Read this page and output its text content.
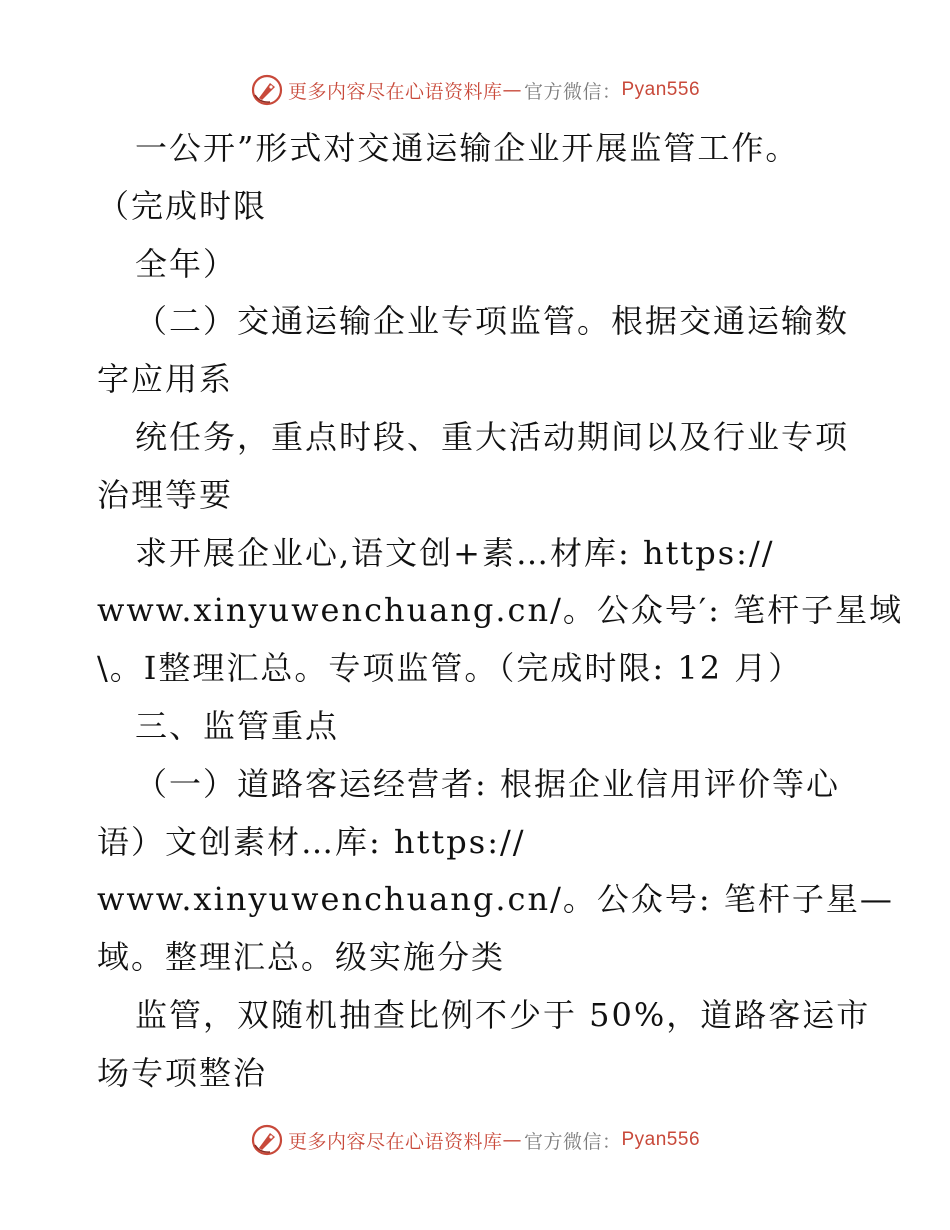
更多内容尽在心语资料库 — 官方微信： Pyan556
一公开”形式对交通运输企业开展监管工作。
（完成时限
全年）
（二）交通运输企业专项监管。根据交通运输数
字应用系
统任务，重点时段、重大活动期间以及行业专项
治理等要
求开展企业心,语文创+素…材库: https://
www.xinyuwenchuang.cn/。公众号′: 笔杆子星域
\。Ⅰ整理汇总。专项监管。（完成时限: 12 月）
三、监管重点
（一）道路客运经营者: 根据企业信用评价等心
语）文创素材…库: https://
www.xinyuwenchuang.cn/。公众号: 笔杆子星—
域。整理汇总。级实施分类
监管，双随机抽查比例不少于 50%，道路客运市
场专项整治
更多内容尽在心语资料库 — 官方微信： Pyan556
